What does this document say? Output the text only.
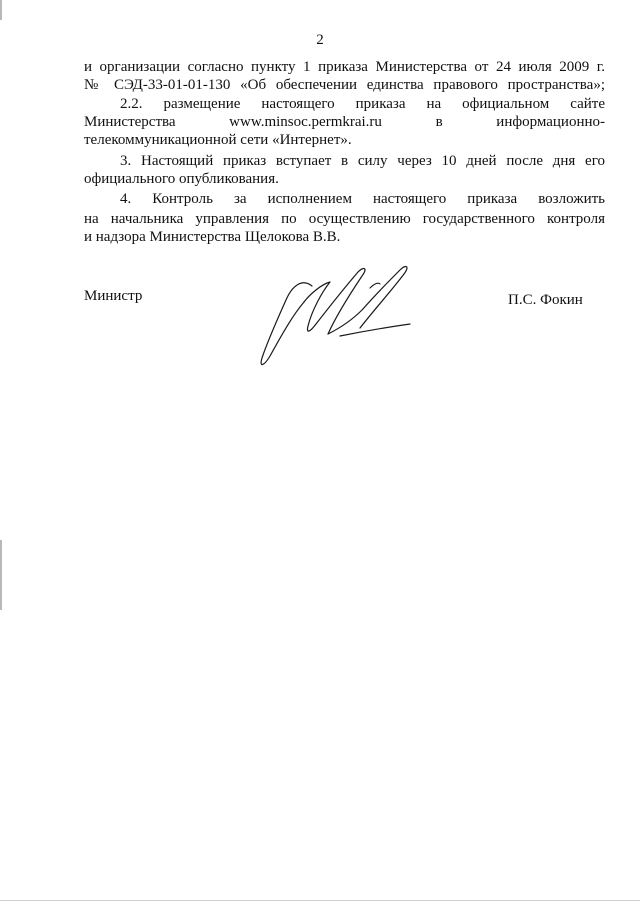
2
и организации согласно пункту 1 приказа Министерства от 24 июля 2009 г.
№ СЭД-33-01-01-130 «Об обеспечении единства правового пространства»;
2.2. размещение настоящего приказа на официальном сайте
Министерства www.minsoc.permkrai.ru в информационно-
телекоммуникационной сети «Интернет».
3. Настоящий приказ вступает в силу через 10 дней после дня его
официального опубликования.
4. Контроль за исполнением настоящего приказа возложить
на начальника управления по осуществлению государственного контроля
и надзора Министерства Щелокова В.В.
Министр	П.С. Фокин
